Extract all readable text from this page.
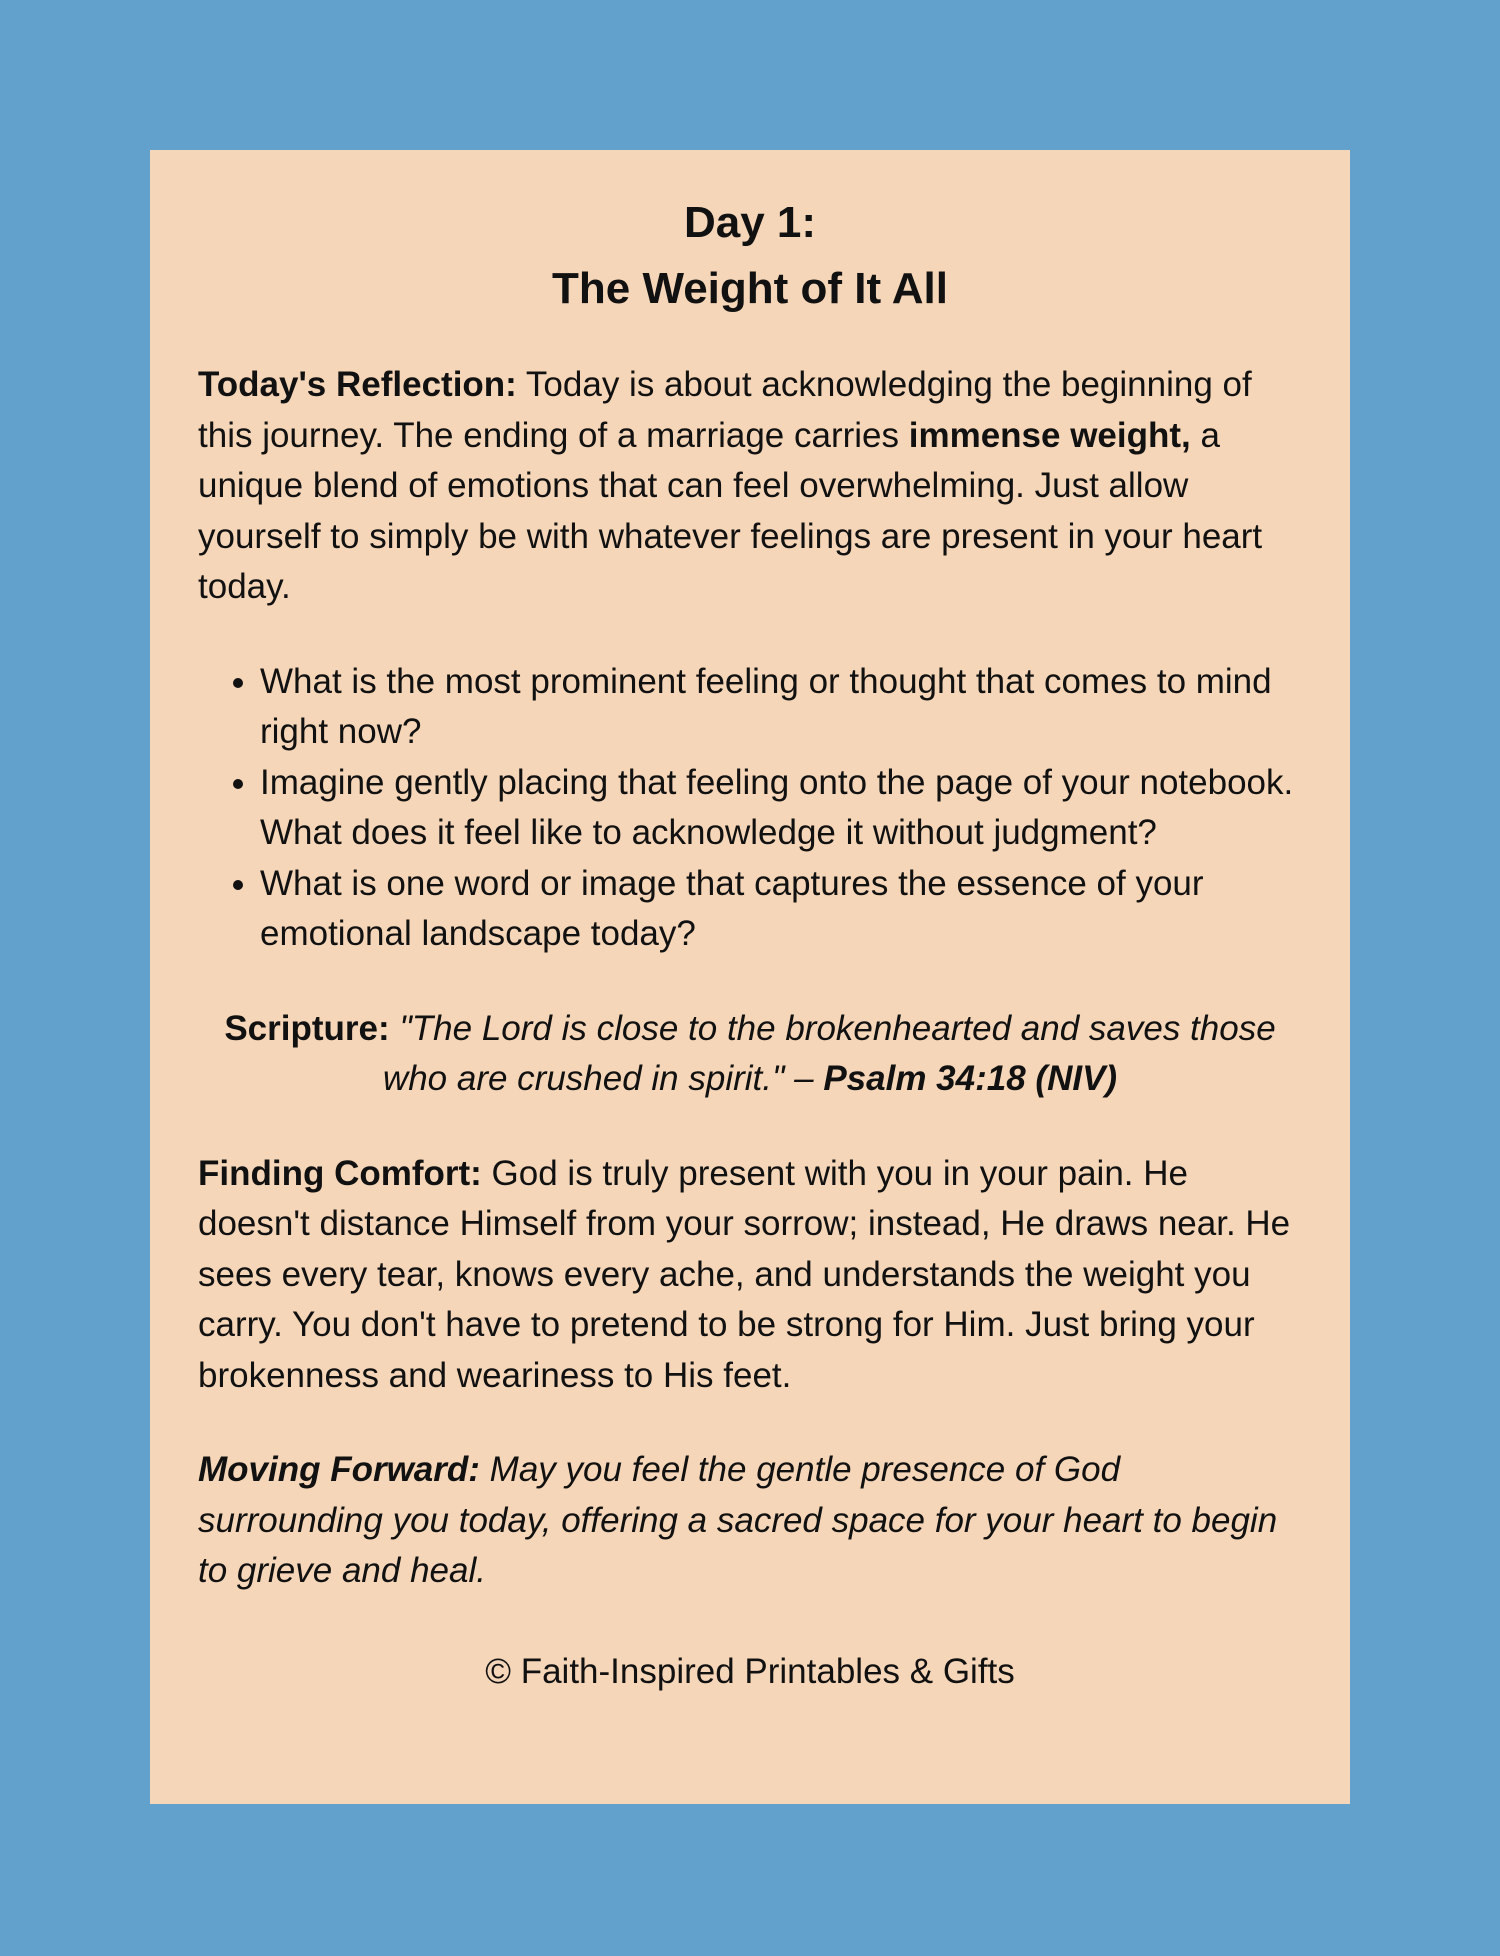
Day 1:
The Weight of It All

Today's Reflection: Today is about acknowledging the beginning of this journey. The ending of a marriage carries immense weight, a unique blend of emotions that can feel overwhelming. Just allow yourself to simply be with whatever feelings are present in your heart today.

• What is the most prominent feeling or thought that comes to mind right now?
• Imagine gently placing that feeling onto the page of your notebook. What does it feel like to acknowledge it without judgment?
• What is one word or image that captures the essence of your emotional landscape today?

Scripture: "The Lord is close to the brokenhearted and saves those who are crushed in spirit." – Psalm 34:18 (NIV)

Finding Comfort: God is truly present with you in your pain. He doesn't distance Himself from your sorrow; instead, He draws near. He sees every tear, knows every ache, and understands the weight you carry. You don't have to pretend to be strong for Him. Just bring your brokenness and weariness to His feet.

Moving Forward: May you feel the gentle presence of God surrounding you today, offering a sacred space for your heart to begin to grieve and heal.

© Faith-Inspired Printables & Gifts
